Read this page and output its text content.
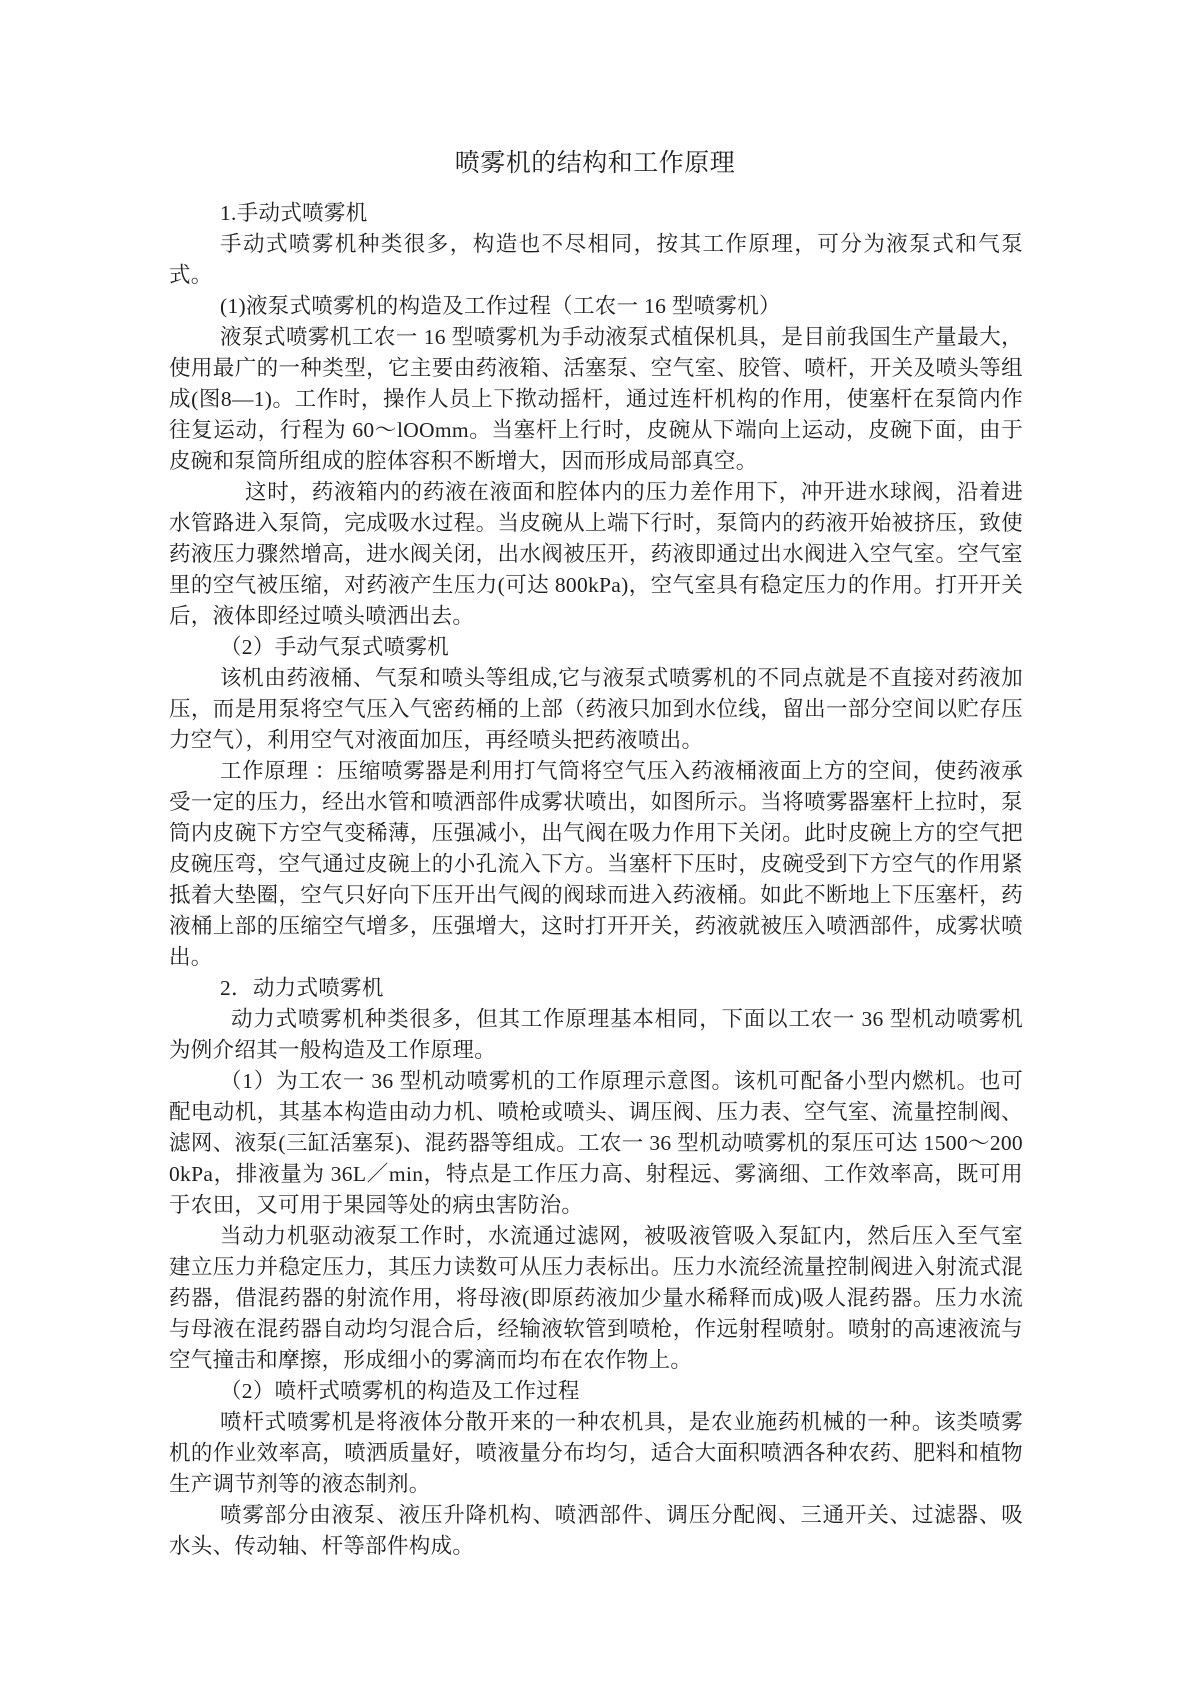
喷雾机的结构和工作原理

1.手动式喷雾机

手动式喷雾机种类很多，构造也不尽相同，按其工作原理，可分为液泵式和气泵式。

(1)液泵式喷雾机的构造及工作过程（工农一 16 型喷雾机）

液泵式喷雾机工农一 16 型喷雾机为手动液泵式植保机具，是目前我国生产量最大，使用最广的一种类型，它主要由药液箱、活塞泵、空气室、胶管、喷杆，开关及喷头等组成(图8—1)。工作时，操作人员上下揿动摇杆，通过连杆机构的作用，使塞杆在泵筒内作往复运动，行程为 60～lOOmm。当塞杆上行时，皮碗从下端向上运动，皮碗下面，由于皮碗和泵筒所组成的腔体容积不断增大，因而形成局部真空。

这时，药液箱内的药液在液面和腔体内的压力差作用下，冲开进水球阀，沿着进水管路进入泵筒，完成吸水过程。当皮碗从上端下行时，泵筒内的药液开始被挤压，致使药液压力骤然增高，进水阀关闭，出水阀被压开，药液即通过出水阀进入空气室。空气室里的空气被压缩，对药液产生压力(可达 800kPa)，空气室具有稳定压力的作用。打开开关后，液体即经过喷头喷洒出去。

（2）手动气泵式喷雾机

该机由药液桶、气泵和喷头等组成,它与液泵式喷雾机的不同点就是不直接对药液加压，而是用泵将空气压入气密药桶的上部（药液只加到水位线，留出一部分空间以贮存压力空气），利用空气对液面加压，再经喷头把药液喷出。

工作原理 ：压缩喷雾器是利用打气筒将空气压入药液桶液面上方的空间，使药液承受一定的压力，经出水管和喷洒部件成雾状喷出，如图所示。当将喷雾器塞杆上拉时，泵筒内皮碗下方空气变稀薄，压强减小，出气阀在吸力作用下关闭。此时皮碗上方的空气把皮碗压弯，空气通过皮碗上的小孔流入下方。当塞杆下压时，皮碗受到下方空气的作用紧抵着大垫圈，空气只好向下压开出气阀的阀球而进入药液桶。如此不断地上下压塞杆，药液桶上部的压缩空气增多，压强增大，这时打开开关，药液就被压入喷洒部件，成雾状喷出。

2．动力式喷雾机

动力式喷雾机种类很多，但其工作原理基本相同，下面以工农一 36 型机动喷雾机为例介绍其一般构造及工作原理。

（1）为工农一 36 型机动喷雾机的工作原理示意图。该机可配备小型内燃机。也可配电动机，其基本构造由动力机、喷枪或喷头、调压阀、压力表、空气室、流量控制阀、滤网、液泵(三缸活塞泵)、混药器等组成。工农一 36 型机动喷雾机的泵压可达 1500～2000kPa，排液量为 36L／min，特点是工作压力高、射程远、雾滴细、工作效率高，既可用于农田，又可用于果园等处的病虫害防治。

当动力机驱动液泵工作时，水流通过滤网，被吸液管吸入泵缸内，然后压入至气室建立压力并稳定压力，其压力读数可从压力表标出。压力水流经流量控制阀进入射流式混药器，借混药器的射流作用，将母液(即原药液加少量水稀释而成)吸人混药器。压力水流与母液在混药器自动均匀混合后，经输液软管到喷枪，作远射程喷射。喷射的高速液流与空气撞击和摩擦，形成细小的雾滴而均布在农作物上。

（2）喷杆式喷雾机的构造及工作过程

喷杆式喷雾机是将液体分散开来的一种农机具，是农业施药机械的一种。该类喷雾机的作业效率高，喷洒质量好，喷液量分布均匀，适合大面积喷洒各种农药、肥料和植物生产调节剂等的液态制剂。

喷雾部分由液泵、液压升降机构、喷洒部件、调压分配阀、三通开关、过滤器、吸水头、传动轴、杆等部件构成。
